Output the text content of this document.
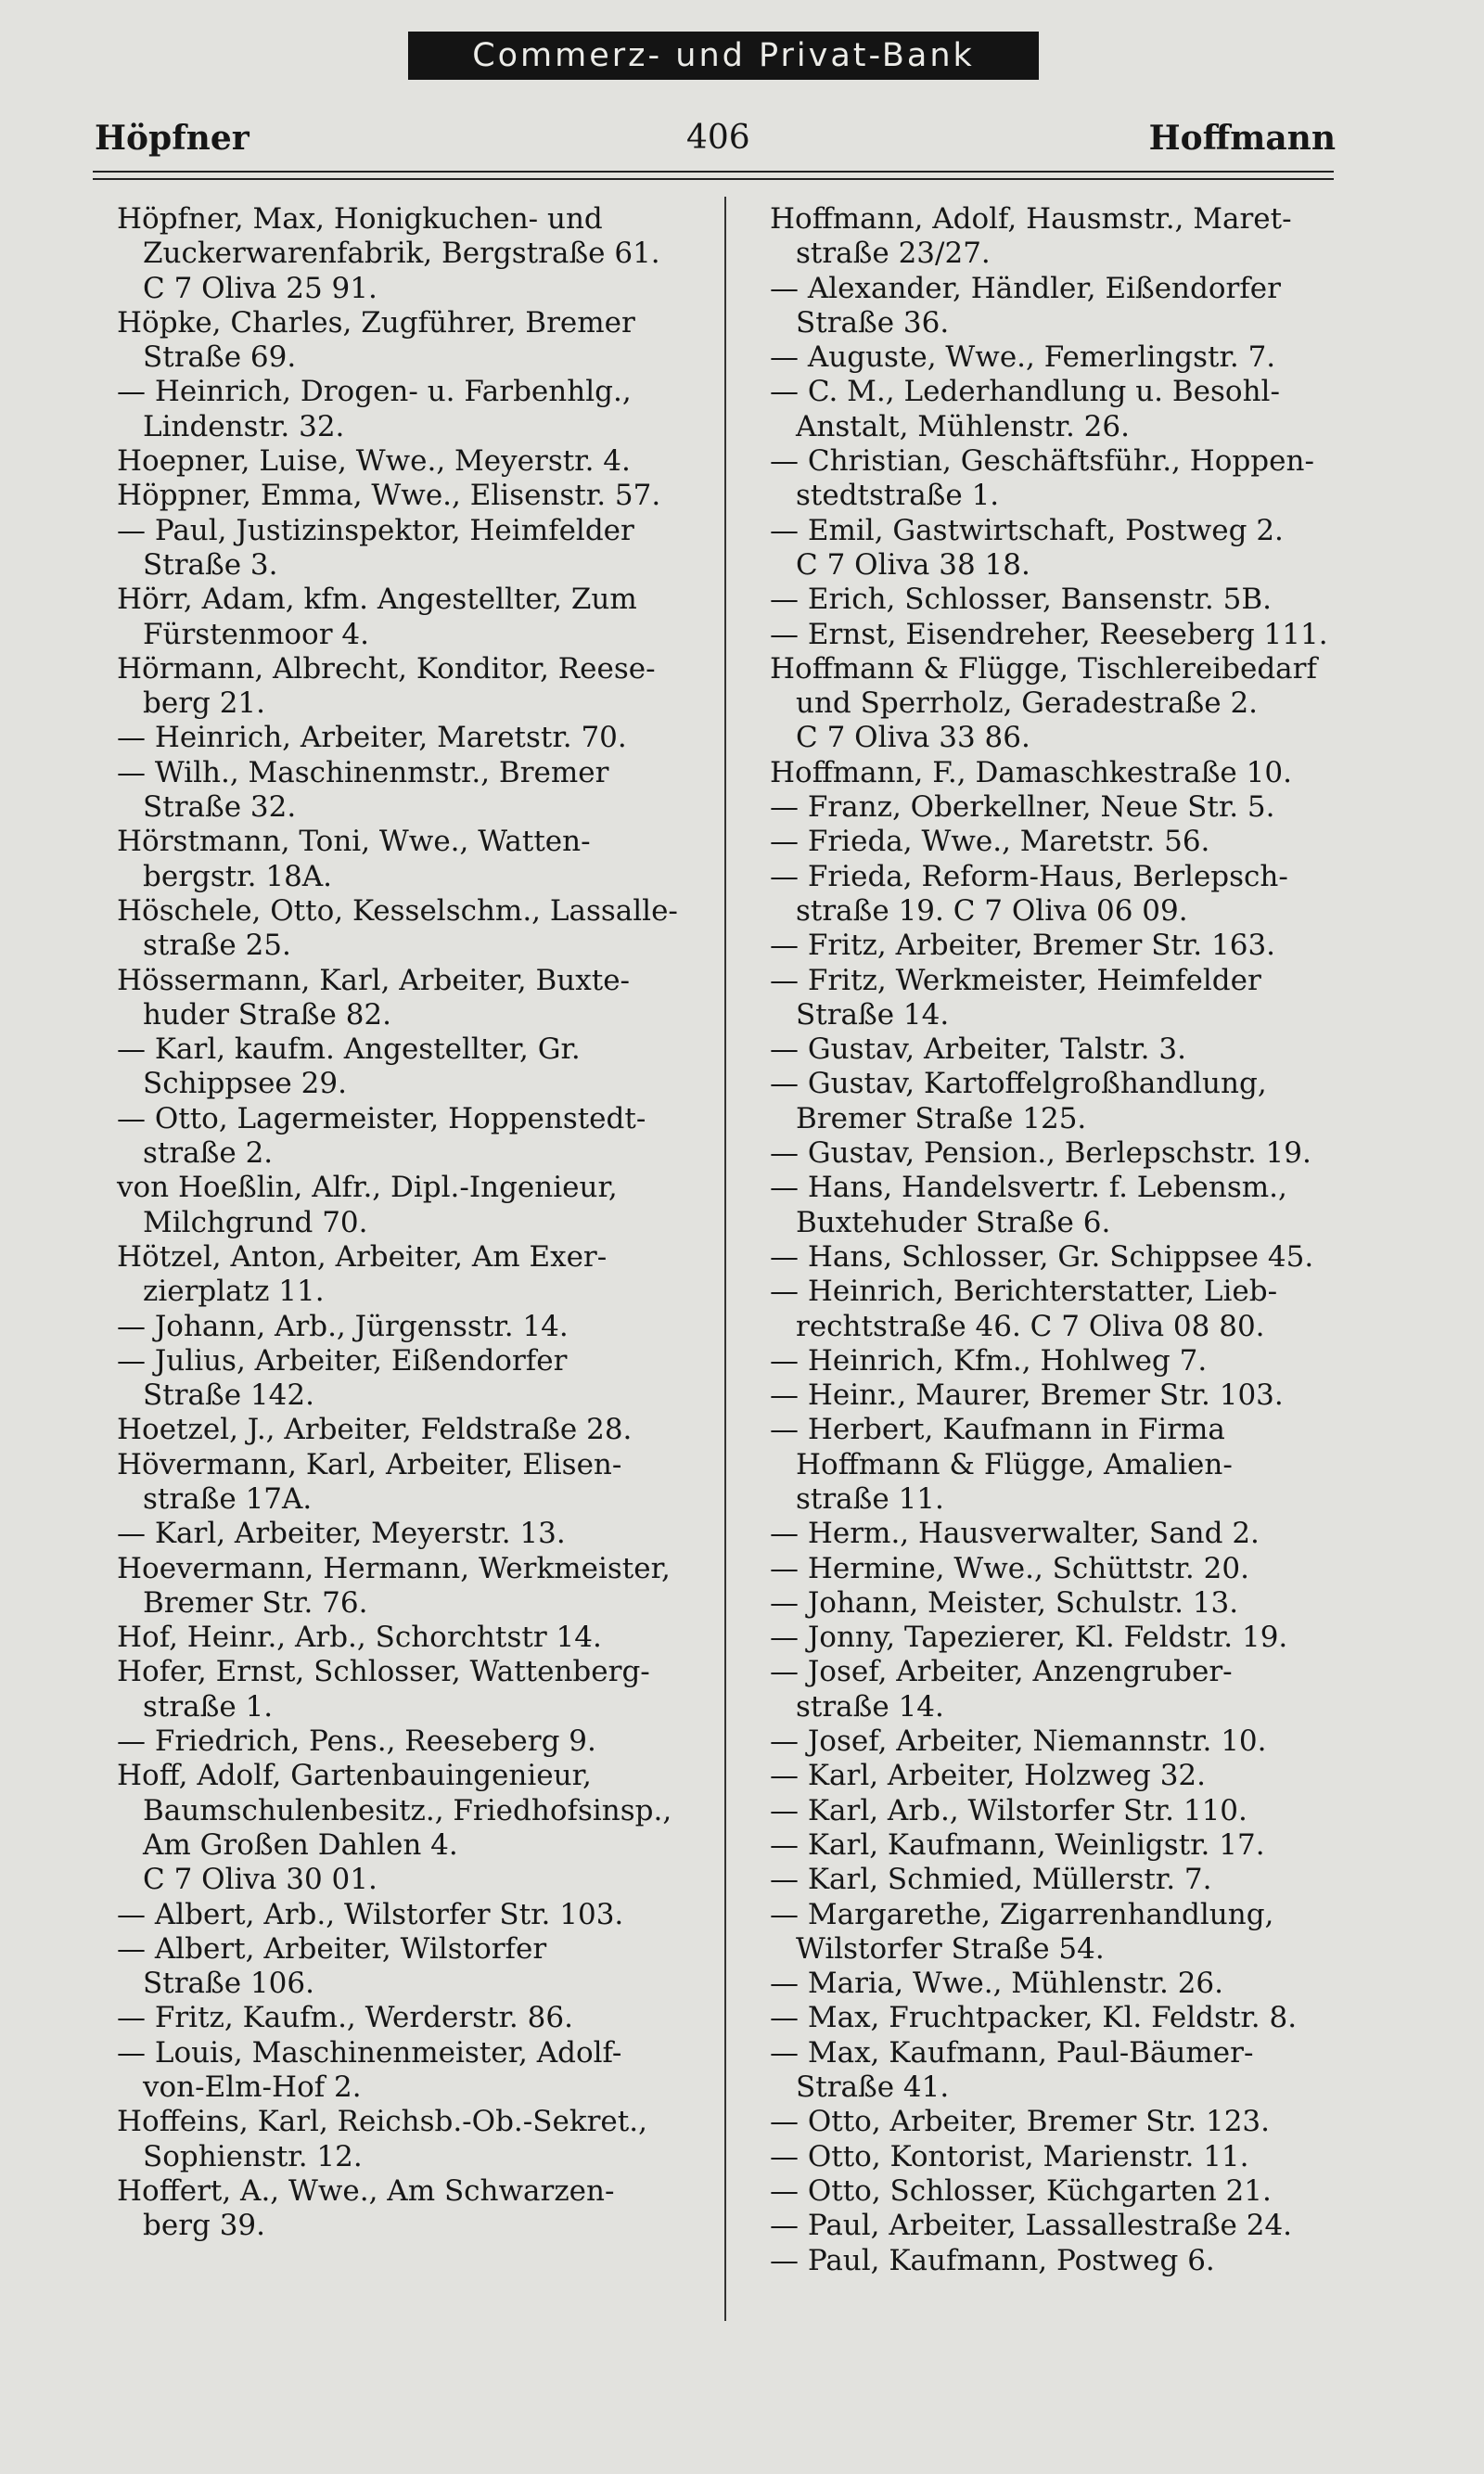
Commerz- und Privat-Bank
Höpfner	406	Hoffmann
Höpfner, Max, Honigkuchen- und
Zuckerwarenfabrik, Bergstraße 61.
C 7 Oliva 25 91.
Höpke, Charles, Zugführer, Bremer
Straße 69.
— Heinrich, Drogen- u. Farbenhlg.,
Lindenstr. 32.
Hoepner, Luise, Wwe., Meyerstr. 4.
Höppner, Emma, Wwe., Elisenstr. 57.
— Paul, Justizinspektor, Heimfelder
Straße 3.
Hörr, Adam, kfm. Angestellter, Zum
Fürstenmoor 4.
Hörmann, Albrecht, Konditor, Reese-
berg 21.
— Heinrich, Arbeiter, Maretstr. 70.
— Wilh., Maschinenmstr., Bremer
Straße 32.
Hörstmann, Toni, Wwe., Watten-
bergstr. 18A.
Höschele, Otto, Kesselschm., Lassalle-
straße 25.
Hössermann, Karl, Arbeiter, Buxte-
huder Straße 82.
— Karl, kaufm. Angestellter, Gr.
Schippsee 29.
— Otto, Lagermeister, Hoppenstedt-
straße 2.
von Hoeßlin, Alfr., Dipl.-Ingenieur,
Milchgrund 70.
Hötzel, Anton, Arbeiter, Am Exer-
zierplatz 11.
— Johann, Arb., Jürgensstr. 14.
— Julius, Arbeiter, Eißendorfer
Straße 142.
Hoetzel, J., Arbeiter, Feldstraße 28.
Hövermann, Karl, Arbeiter, Elisen-
straße 17A.
— Karl, Arbeiter, Meyerstr. 13.
Hoevermann, Hermann, Werkmeister,
Bremer Str. 76.
Hof, Heinr., Arb., Schorchtstr 14.
Hofer, Ernst, Schlosser, Wattenberg-
straße 1.
— Friedrich, Pens., Reeseberg 9.
Hoff, Adolf, Gartenbauingenieur,
Baumschulenbesitz., Friedhofsinsp.,
Am Großen Dahlen 4.
C 7 Oliva 30 01.
— Albert, Arb., Wilstorfer Str. 103.
— Albert, Arbeiter, Wilstorfer
Straße 106.
— Fritz, Kaufm., Werderstr. 86.
— Louis, Maschinenmeister, Adolf-
von-Elm-Hof 2.
Hoffeins, Karl, Reichsb.-Ob.-Sekret.,
Sophienstr. 12.
Hoffert, A., Wwe., Am Schwarzen-
berg 39.
Hoffmann, Adolf, Hausmstr., Maret-
straße 23/27.
— Alexander, Händler, Eißendorfer
Straße 36.
— Auguste, Wwe., Femerlingstr. 7.
— C. M., Lederhandlung u. Besohl-
Anstalt, Mühlenstr. 26.
— Christian, Geschäftsführ., Hoppen-
stedtstraße 1.
— Emil, Gastwirtschaft, Postweg 2.
C 7 Oliva 38 18.
— Erich, Schlosser, Bansenstr. 5B.
— Ernst, Eisendreher, Reeseberg 111.
Hoffmann & Flügge, Tischlereibedarf
und Sperrholz, Geradestraße 2.
C 7 Oliva 33 86.
Hoffmann, F., Damaschkestraße 10.
— Franz, Oberkellner, Neue Str. 5.
— Frieda, Wwe., Maretstr. 56.
— Frieda, Reform-Haus, Berlepsch-
straße 19. C 7 Oliva 06 09.
— Fritz, Arbeiter, Bremer Str. 163.
— Fritz, Werkmeister, Heimfelder
Straße 14.
— Gustav, Arbeiter, Talstr. 3.
— Gustav, Kartoffelgroßhandlung,
Bremer Straße 125.
— Gustav, Pension., Berlepschstr. 19.
— Hans, Handelsvertr. f. Lebensm.,
Buxtehuder Straße 6.
— Hans, Schlosser, Gr. Schippsee 45.
— Heinrich, Berichterstatter, Lieb-
rechtstraße 46. C 7 Oliva 08 80.
— Heinrich, Kfm., Hohlweg 7.
— Heinr., Maurer, Bremer Str. 103.
— Herbert, Kaufmann in Firma
Hoffmann & Flügge, Amalien-
straße 11.
— Herm., Hausverwalter, Sand 2.
— Hermine, Wwe., Schüttstr. 20.
— Johann, Meister, Schulstr. 13.
— Jonny, Tapezierer, Kl. Feldstr. 19.
— Josef, Arbeiter, Anzengruber-
straße 14.
— Josef, Arbeiter, Niemannstr. 10.
— Karl, Arbeiter, Holzweg 32.
— Karl, Arb., Wilstorfer Str. 110.
— Karl, Kaufmann, Weinligstr. 17.
— Karl, Schmied, Müllerstr. 7.
— Margarethe, Zigarrenhandlung,
Wilstorfer Straße 54.
— Maria, Wwe., Mühlenstr. 26.
— Max, Fruchtpacker, Kl. Feldstr. 8.
— Max, Kaufmann, Paul-Bäumer-
Straße 41.
— Otto, Arbeiter, Bremer Str. 123.
— Otto, Kontorist, Marienstr. 11.
— Otto, Schlosser, Küchgarten 21.
— Paul, Arbeiter, Lassallestraße 24.
— Paul, Kaufmann, Postweg 6.
